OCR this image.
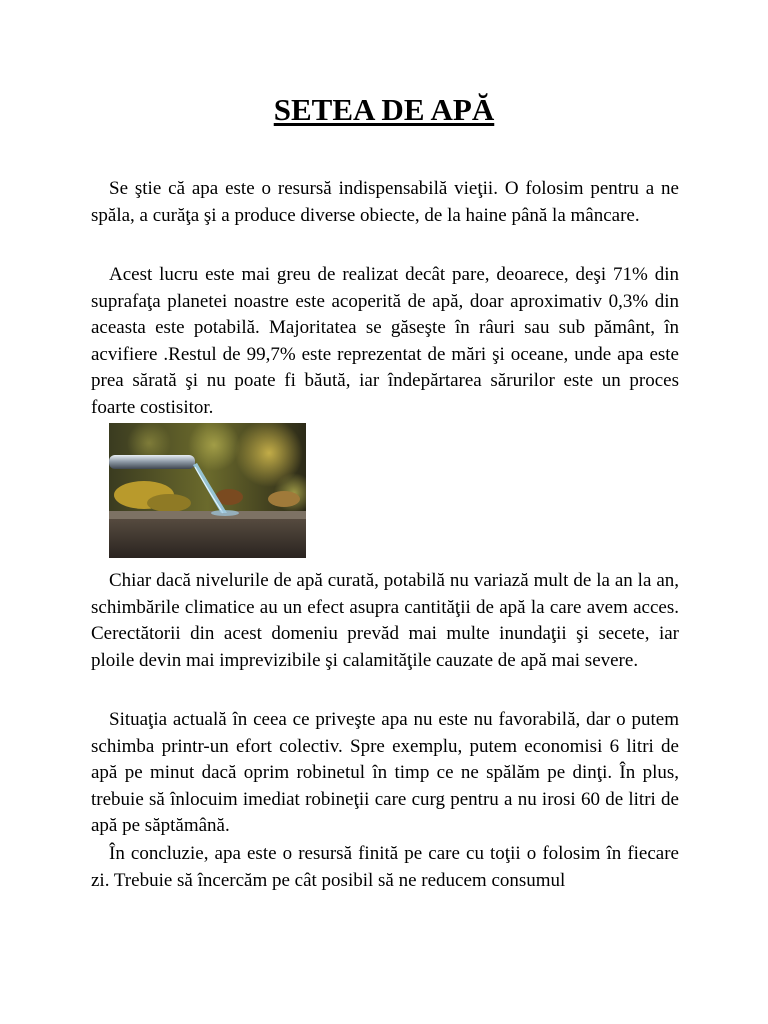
SETEA DE APĂ

Se ştie că apa este o resursă indispensabilă vieţii. O folosim pentru a ne spăla, a curăţa şi a produce diverse obiecte, de la haine până la mâncare.

Acest lucru este mai greu de realizat decât pare, deoarece, deşi 71% din suprafaţa planetei noastre este acoperită de apă, doar aproximativ 0,3% din aceasta este potabilă. Majoritatea se găseşte în râuri sau sub pământ, în acvifiere .Restul de 99,7% este reprezentat de mări şi oceane, unde apa este prea sărată şi nu poate fi băută, iar îndepărtarea sărurilor este un proces foarte costisitor.

Chiar dacă nivelurile de apă curată, potabilă nu variază mult de la an la an, schimbările climatice au un efect asupra cantităţii de apă la care avem acces. Cerectătorii din acest domeniu prevăd mai multe inundaţii şi secete, iar ploile devin mai imprevizibile şi calamităţile cauzate de apă mai severe.

Situaţia actuală în ceea ce priveşte apa nu este nu favorabilă, dar o putem schimba printr-un efort colectiv. Spre exemplu, putem economisi 6 litri de apă pe minut dacă oprim robinetul în timp ce ne spălăm pe dinţi. În plus, trebuie să înlocuim imediat robineţii care curg pentru a nu irosi 60 de litri de apă pe săptămână.

În concluzie, apa este o resursă finită pe care cu toţii o folosim în fiecare zi. Trebuie să încercăm pe cât posibil să ne reducem consumul
